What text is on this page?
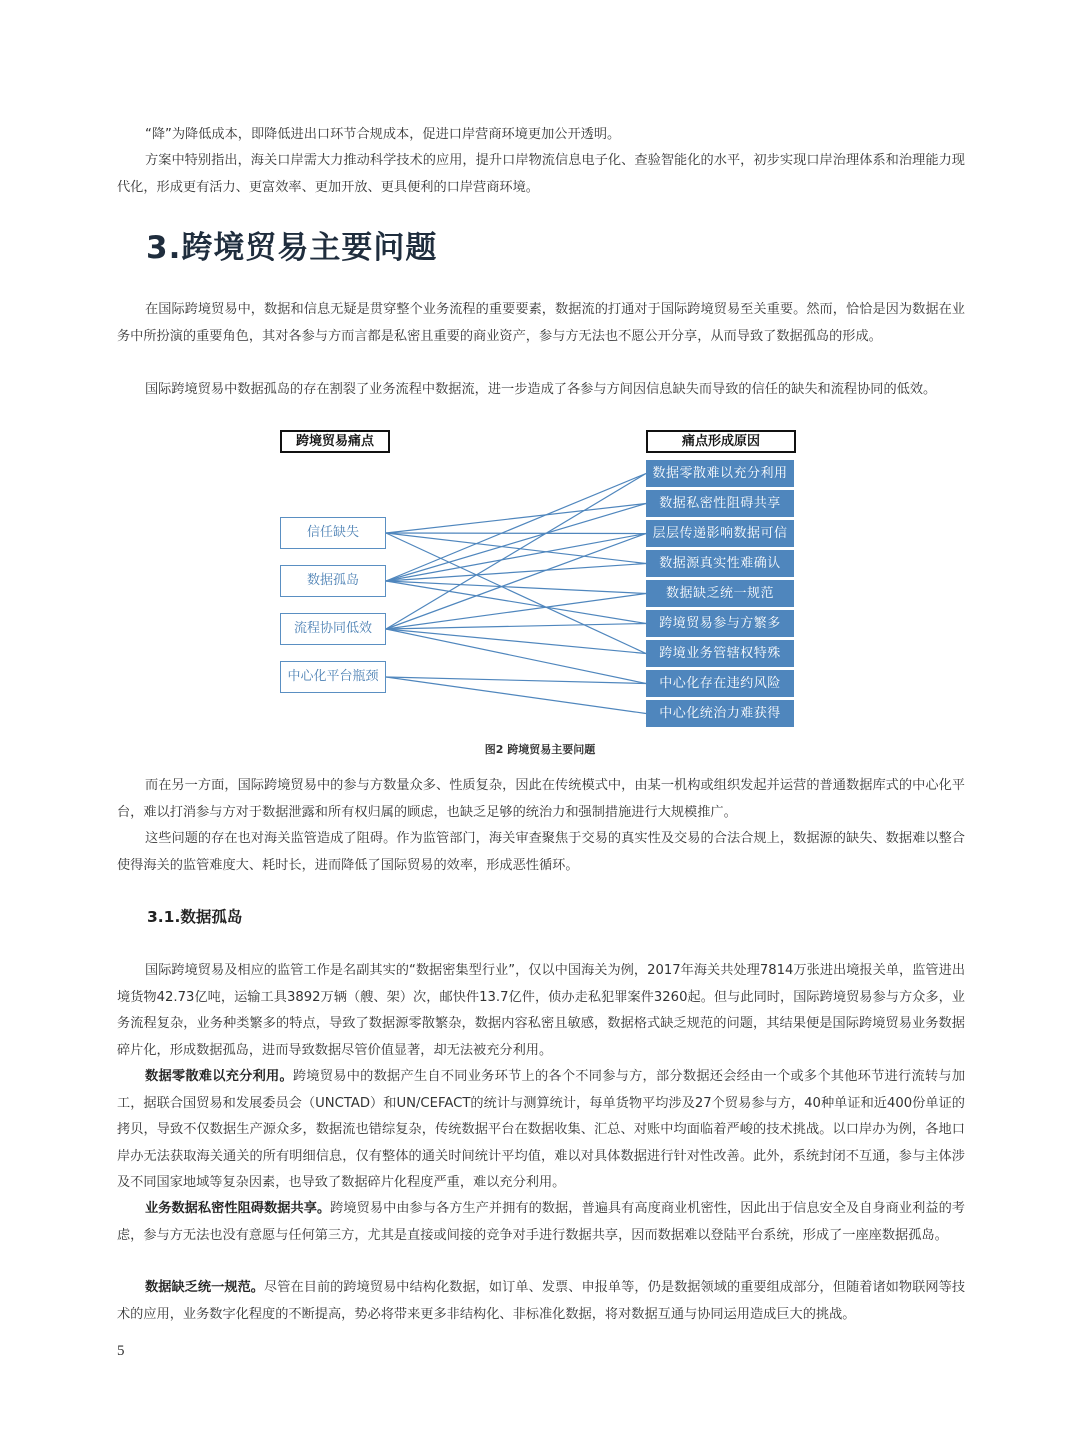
“降”为降低成本，即降低进出口环节合规成本，促进口岸营商环境更加公开透明。

方案中特别指出，海关口岸需大力推动科学技术的应用，提升口岸物流信息电子化、查验智能化的水平，初步实现口岸治理体系和治理能力现代化，形成更有活力、更富效率、更加开放、更具便利的口岸营商环境。

3.跨境贸易主要问题

在国际跨境贸易中，数据和信息无疑是贯穿整个业务流程的重要要素，数据流的打通对于国际跨境贸易至关重要。然而，恰恰是因为数据在业务中所扮演的重要角色，其对各参与方而言都是私密且重要的商业资产，参与方无法也不愿公开分享，从而导致了数据孤岛的形成。

国际跨境贸易中数据孤岛的存在割裂了业务流程中数据流，进一步造成了各参与方间因信息缺失而导致的信任的缺失和流程协同的低效。

跨境贸易痛点	痛点形成原因
信任缺失
数据孤岛
流程协同低效
中心化平台瓶颈
数据零散难以充分利用
数据私密性阻碍共享
层层传递影响数据可信
数据源真实性难确认
数据缺乏统一规范
跨境贸易参与方繁多
跨境业务管辖权特殊
中心化存在违约风险
中心化统治力难获得
图2 跨境贸易主要问题

而在另一方面，国际跨境贸易中的参与方数量众多、性质复杂，因此在传统模式中，由某一机构或组织发起并运营的普通数据库式的中心化平台，难以打消参与方对于数据泄露和所有权归属的顾虑，也缺乏足够的统治力和强制措施进行大规模推广。

这些问题的存在也对海关监管造成了阻碍。作为监管部门，海关审查聚焦于交易的真实性及交易的合法合规上，数据源的缺失、数据难以整合使得海关的监管难度大、耗时长，进而降低了国际贸易的效率，形成恶性循环。

3.1.数据孤岛

国际跨境贸易及相应的监管工作是名副其实的“数据密集型行业”，仅以中国海关为例，2017年海关共处理7814万张进出境报关单，监管进出境货物42.73亿吨，运输工具3892万辆（艘、架）次，邮快件13.7亿件，侦办走私犯罪案件3260起。但与此同时，国际跨境贸易参与方众多，业务流程复杂，业务种类繁多的特点，导致了数据源零散繁杂，数据内容私密且敏感，数据格式缺乏规范的问题，其结果便是国际跨境贸易业务数据碎片化，形成数据孤岛，进而导致数据尽管价值显著，却无法被充分利用。

数据零散难以充分利用。跨境贸易中的数据产生自不同业务环节上的各个不同参与方，部分数据还会经由一个或多个其他环节进行流转与加工，据联合国贸易和发展委员会（UNCTAD）和UN/CEFACT的统计与测算统计，每单货物平均涉及27个贸易参与方，40种单证和近400份单证的拷贝，导致不仅数据生产源众多，数据流也错综复杂，传统数据平台在数据收集、汇总、对账中均面临着严峻的技术挑战。以口岸办为例，各地口岸办无法获取海关通关的所有明细信息，仅有整体的通关时间统计平均值，难以对具体数据进行针对性改善。此外，系统封闭不互通，参与主体涉及不同国家地域等复杂因素，也导致了数据碎片化程度严重，难以充分利用。

业务数据私密性阻碍数据共享。跨境贸易中由参与各方生产并拥有的数据，普遍具有高度商业机密性，因此出于信息安全及自身商业利益的考虑，参与方无法也没有意愿与任何第三方，尤其是直接或间接的竞争对手进行数据共享，因而数据难以登陆平台系统，形成了一座座数据孤岛。

数据缺乏统一规范。尽管在目前的跨境贸易中结构化数据，如订单、发票、申报单等，仍是数据领域的重要组成部分，但随着诸如物联网等技术的应用，业务数字化程度的不断提高，势必将带来更多非结构化、非标准化数据，将对数据互通与协同运用造成巨大的挑战。

5
